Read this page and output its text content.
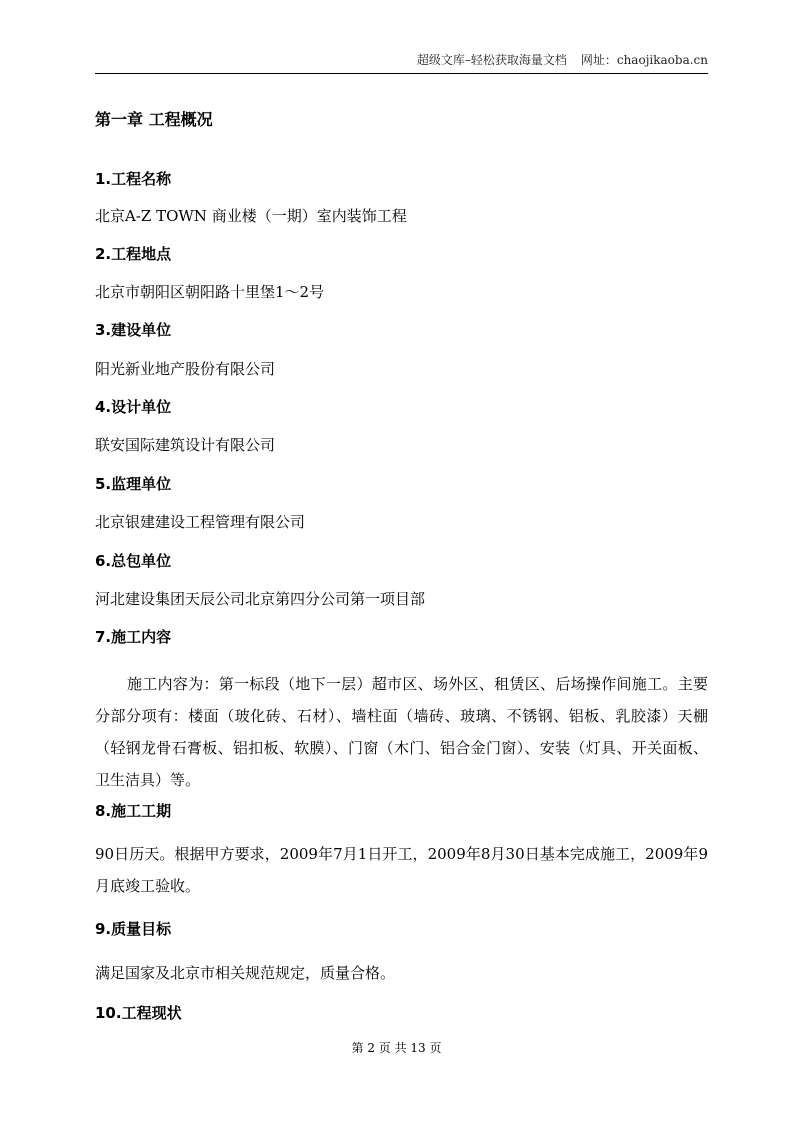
超级文库–轻松获取海量文档 网址：chaojikaoba.cn
第一章 工程概况
1.工程名称
北京A-Z TOWN 商业楼（一期）室内装饰工程
2.工程地点
北京市朝阳区朝阳路十里堡1～2号
3.建设单位
阳光新业地产股份有限公司
4.设计单位
联安国际建筑设计有限公司
5.监理单位
北京银建建设工程管理有限公司
6.总包单位
河北建设集团天辰公司北京第四分公司第一项目部
7.施工内容
施工内容为：第一标段（地下一层）超市区、场外区、租赁区、后场操作间施工。主要分部分项有：楼面（玻化砖、石材）、墙柱面（墙砖、玻璃、不锈钢、铝板、乳胶漆）天棚（轻钢龙骨石膏板、铝扣板、软膜）、门窗（木门、铝合金门窗）、安装（灯具、开关面板、卫生洁具）等。
8.施工工期
90日历天。根据甲方要求，2009年7月1日开工，2009年8月30日基本完成施工，2009年9月底竣工验收。
9.质量目标
满足国家及北京市相关规范规定，质量合格。
10.工程现状
第 2 页 共 13 页
